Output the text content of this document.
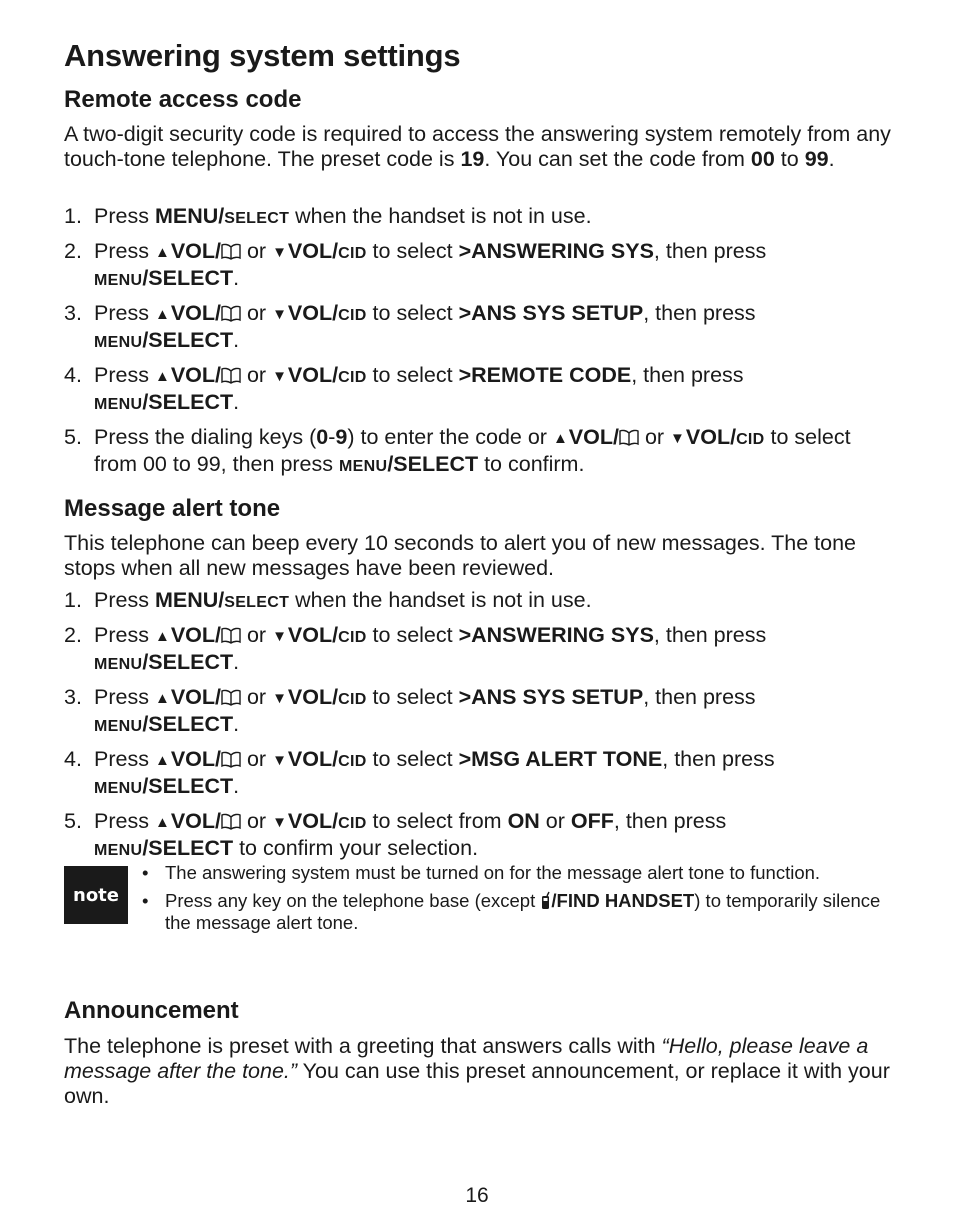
Answering system settings
Remote access code

A two-digit security code is required to access the answering system remotely from any touch-tone telephone. The preset code is 19. You can set the code from 00 to 99.

1. Press MENU/SELECT when the handset is not in use.
2. Press ▲VOL/ or ▼VOL/CID to select >ANSWERING SYS, then press
MENU/SELECT.
3. Press ▲VOL/ or ▼VOL/CID to select >ANS SYS SETUP, then press
MENU/SELECT.
4. Press ▲VOL/ or ▼VOL/CID to select >REMOTE CODE, then press
MENU/SELECT.
5. Press the dialing keys (0-9) to enter the code or ▲VOL/ or ▼VOL/CID to select from 00 to 99, then press MENU/SELECT to confirm.
Message alert tone

This telephone can beep every 10 seconds to alert you of new messages. The tone stops when all new messages have been reviewed.

1. Press MENU/SELECT when the handset is not in use.
2. Press ▲VOL/ or ▼VOL/CID to select >ANSWERING SYS, then press
MENU/SELECT.
3. Press ▲VOL/ or ▼VOL/CID to select >ANS SYS SETUP, then press
MENU/SELECT.
4. Press ▲VOL/ or ▼VOL/CID to select >MSG ALERT TONE, then press
MENU/SELECT.
5. Press ▲VOL/ or ▼VOL/CID to select from ON or OFF, then press
MENU/SELECT to confirm your selection.
note
• The answering system must be turned on for the message alert tone to function.
• Press any key on the telephone base (except /FIND HANDSET) to temporarily silence the message alert tone.
Announcement

The telephone is preset with a greeting that answers calls with “Hello, please leave a message after the tone.” You can use this preset announcement, or replace it with your own.

16
